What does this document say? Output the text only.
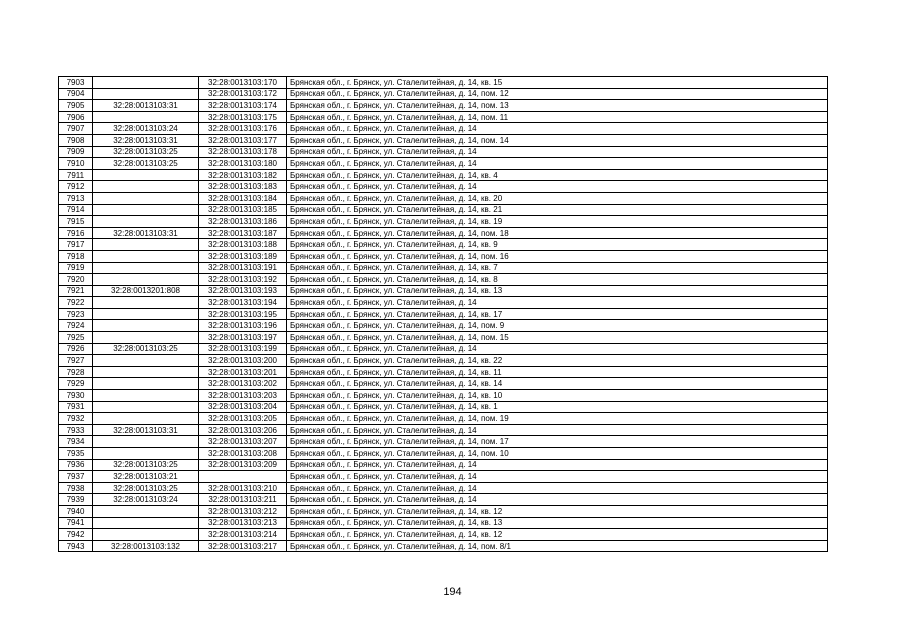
7903		32:28:0013103:170	Брянская обл., г. Брянск, ул. Сталелитейная, д. 14, кв. 15
7904		32:28:0013103:172	Брянская обл., г. Брянск, ул. Сталелитейная, д. 14, пом. 12
7905	32:28:0013103:31	32:28:0013103:174	Брянская обл., г. Брянск, ул. Сталелитейная, д. 14, пом. 13
7906		32:28:0013103:175	Брянская обл., г. Брянск, ул. Сталелитейная, д. 14, пом. 11
7907	32:28:0013103:24	32:28:0013103:176	Брянская обл., г. Брянск, ул. Сталелитейная, д. 14
7908	32:28:0013103:31	32:28:0013103:177	Брянская обл., г. Брянск, ул. Сталелитейная, д. 14, пом. 14
7909	32:28:0013103:25	32:28:0013103:178	Брянская обл., г. Брянск, ул. Сталелитейная, д. 14
7910	32:28:0013103:25	32:28:0013103:180	Брянская обл., г. Брянск, ул. Сталелитейная, д. 14
7911		32:28:0013103:182	Брянская обл., г. Брянск, ул. Сталелитейная, д. 14, кв. 4
7912		32:28:0013103:183	Брянская обл., г. Брянск, ул. Сталелитейная, д. 14
7913		32:28:0013103:184	Брянская обл., г. Брянск, ул. Сталелитейная, д. 14, кв. 20
7914		32:28:0013103:185	Брянская обл., г. Брянск, ул. Сталелитейная, д. 14, кв. 21
7915		32:28:0013103:186	Брянская обл., г. Брянск, ул. Сталелитейная, д. 14, кв. 19
7916	32:28:0013103:31	32:28:0013103:187	Брянская обл., г. Брянск, ул. Сталелитейная, д. 14, пом. 18
7917		32:28:0013103:188	Брянская обл., г. Брянск, ул. Сталелитейная, д. 14, кв. 9
7918		32:28:0013103:189	Брянская обл., г. Брянск, ул. Сталелитейная, д. 14, пом. 16
7919		32:28:0013103:191	Брянская обл., г. Брянск, ул. Сталелитейная, д. 14, кв. 7
7920		32:28:0013103:192	Брянская обл., г. Брянск, ул. Сталелитейная, д. 14, кв. 8
7921	32:28:0013201:808	32:28:0013103:193	Брянская обл., г. Брянск, ул. Сталелитейная, д. 14, кв. 13
7922		32:28:0013103:194	Брянская обл., г. Брянск, ул. Сталелитейная, д. 14
7923		32:28:0013103:195	Брянская обл., г. Брянск, ул. Сталелитейная, д. 14, кв. 17
7924		32:28:0013103:196	Брянская обл., г. Брянск, ул. Сталелитейная, д. 14, пом. 9
7925		32:28:0013103:197	Брянская обл., г. Брянск, ул. Сталелитейная, д. 14, пом. 15
7926	32:28:0013103:25	32:28:0013103:199	Брянская обл., г. Брянск, ул. Сталелитейная, д. 14
7927		32:28:0013103:200	Брянская обл., г. Брянск, ул. Сталелитейная, д. 14, кв. 22
7928		32:28:0013103:201	Брянская обл., г. Брянск, ул. Сталелитейная, д. 14, кв. 11
7929		32:28:0013103:202	Брянская обл., г. Брянск, ул. Сталелитейная, д. 14, кв. 14
7930		32:28:0013103:203	Брянская обл., г. Брянск, ул. Сталелитейная, д. 14, кв. 10
7931		32:28:0013103:204	Брянская обл., г. Брянск, ул. Сталелитейная, д. 14, кв. 1
7932		32:28:0013103:205	Брянская обл., г. Брянск, ул. Сталелитейная, д. 14, пом. 19
7933	32:28:0013103:31	32:28:0013103:206	Брянская обл., г. Брянск, ул. Сталелитейная, д. 14
7934		32:28:0013103:207	Брянская обл., г. Брянск, ул. Сталелитейная, д. 14, пом. 17
7935		32:28:0013103:208	Брянская обл., г. Брянск, ул. Сталелитейная, д. 14, пом. 10
7936	32:28:0013103:25	32:28:0013103:209	Брянская обл., г. Брянск, ул. Сталелитейная, д. 14
7937	32:28:0013103:21		Брянская обл., г. Брянск, ул. Сталелитейная, д. 14
7938	32:28:0013103:25	32:28:0013103:210	Брянская обл., г. Брянск, ул. Сталелитейная, д. 14
7939	32:28:0013103:24	32:28:0013103:211	Брянская обл., г. Брянск, ул. Сталелитейная, д. 14
7940		32:28:0013103:212	Брянская обл., г. Брянск, ул. Сталелитейная, д. 14, кв. 12
7941		32:28:0013103:213	Брянская обл., г. Брянск, ул. Сталелитейная, д. 14, кв. 13
7942		32:28:0013103:214	Брянская обл., г. Брянск, ул. Сталелитейная, д. 14, кв. 12
7943	32:28:0013103:132	32:28:0013103:217	Брянская обл., г. Брянск, ул. Сталелитейная, д. 14, пом. 8/1
194
